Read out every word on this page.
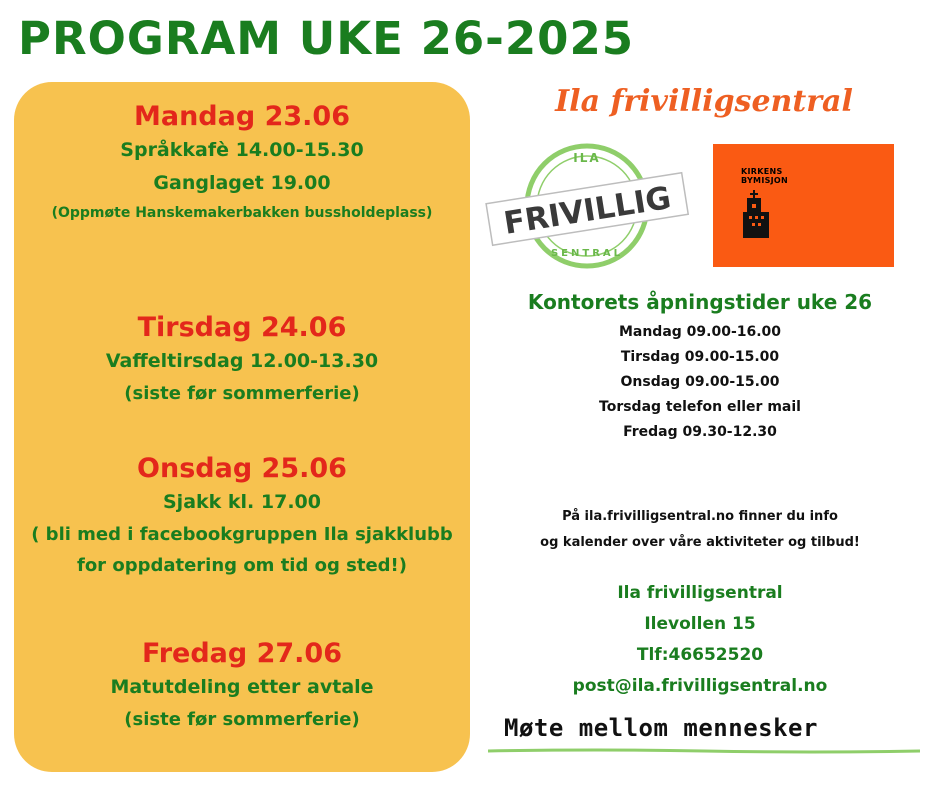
PROGRAM UKE 26-2025

Mandag 23.06

Språkkafè 14.00-15.30

Ganglaget 19.00

(Oppmøte Hanskemakerbakken bussholdeplass)

Tirsdag 24.06

Vaffeltirsdag 12.00-13.30

(siste før sommerferie)

Onsdag 25.06

Sjakk kl. 17.00

( bli med i facebookgruppen Ila sjakklubb

for oppdatering om tid og sted!)

Fredag 27.06

Matutdeling etter avtale

(siste før sommerferie)

Ila frivilligsentral
ILA
FRIVILLIG
SENTRAL
KIRKENS
BYMISJON

Kontorets åpningstider uke 26

Mandag 09.00-16.00

Tirsdag 09.00-15.00

Onsdag 09.00-15.00

Torsdag telefon eller mail

Fredag 09.30-12.30

På ila.frivilligsentral.no finner du info

og kalender over våre aktiviteter og tilbud!

Ila frivilligsentral

Ilevollen 15

Tlf:46652520

post@ila.frivilligsentral.no

Møte mellom mennesker
